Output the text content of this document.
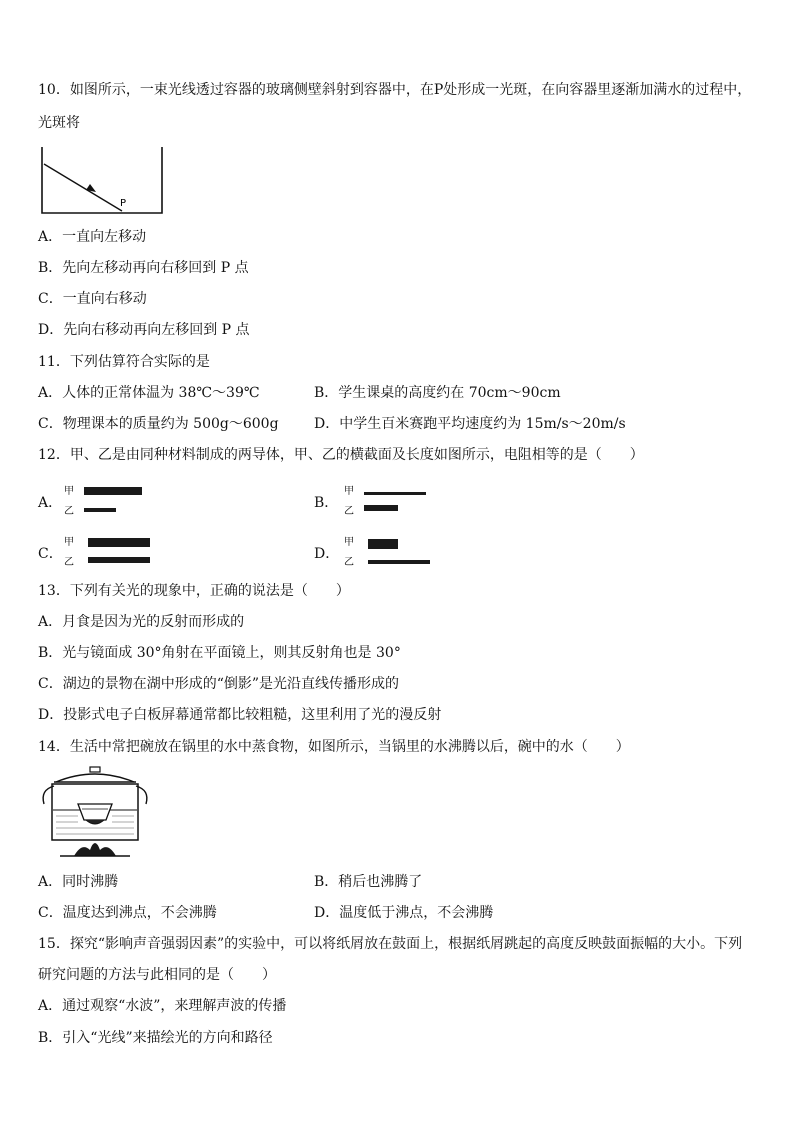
10．如图所示，一束光线透过容器的玻璃侧壁斜射到容器中，在P处形成一光斑，在向容器里逐渐加满水的过程中，
光斑将
P
A．一直向左移动
B．先向左移动再向右移回到 P 点
C．一直向右移动
D．先向右移动再向左移回到 P 点
11．下列估算符合实际的是
A．人体的正常体温为 38℃～39℃	B．学生课桌的高度约在 70cm～90cm
C．物理课本的质量约为 500g～600g	D．中学生百米赛跑平均速度约为 15m/s～20m/s
12．甲、乙是由同种材料制成的两导体，甲、乙的横截面及长度如图所示，电阻相等的是（　　）
A．
甲
乙
B．
甲
乙
C．
甲
乙
D．
甲
乙
13．下列有关光的现象中，正确的说法是（　　）
A．月食是因为光的反射而形成的
B．光与镜面成 30°角射在平面镜上，则其反射角也是 30°
C．湖边的景物在湖中形成的“倒影”是光沿直线传播形成的
D．投影式电子白板屏幕通常都比较粗糙，这里利用了光的漫反射
14．生活中常把碗放在锅里的水中蒸食物，如图所示，当锅里的水沸腾以后，碗中的水（　　）
A．同时沸腾	B．稍后也沸腾了
C．温度达到沸点，不会沸腾	D．温度低于沸点，不会沸腾
15．探究“影响声音强弱因素”的实验中，可以将纸屑放在鼓面上，根据纸屑跳起的高度反映鼓面振幅的大小。下列
研究问题的方法与此相同的是（　　）
A．通过观察“水波”，来理解声波的传播
B．引入“光线”来描绘光的方向和路径
